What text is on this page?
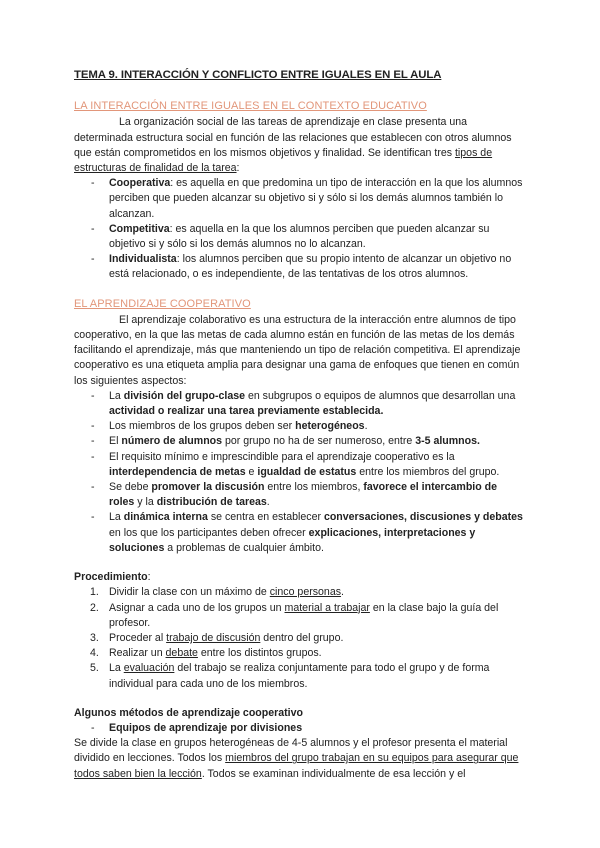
TEMA 9. INTERACCIÓN Y CONFLICTO ENTRE IGUALES EN EL AULA
LA INTERACCIÓN ENTRE IGUALES EN EL CONTEXTO EDUCATIVO

La organización social de las tareas de aprendizaje en clase presenta una determinada estructura social en función de las relaciones que establecen con otros alumnos que están comprometidos en los mismos objetivos y finalidad. Se identifican tres tipos de estructuras de finalidad de la tarea:

- Cooperativa: es aquella en que predomina un tipo de interacción en la que los alumnos perciben que pueden alcanzar su objetivo si y sólo si los demás alumnos también lo alcanzan.
- Competitiva: es aquella en la que los alumnos perciben que pueden alcanzar su objetivo si y sólo si los demás alumnos no lo alcanzan.
- Individualista: los alumnos perciben que su propio intento de alcanzar un objetivo no está relacionado, o es independiente, de las tentativas de los otros alumnos.
EL APRENDIZAJE COOPERATIVO

El aprendizaje colaborativo es una estructura de la interacción entre alumnos de tipo cooperativo, en la que las metas de cada alumno están en función de las metas de los demás facilitando el aprendizaje, más que manteniendo un tipo de relación competitiva. El aprendizaje cooperativo es una etiqueta amplia para designar una gama de enfoques que tienen en común los siguientes aspectos:

- La división del grupo-clase en subgrupos o equipos de alumnos que desarrollan una actividad o realizar una tarea previamente establecida.
- Los miembros de los grupos deben ser heterogéneos.
- El número de alumnos por grupo no ha de ser numeroso, entre 3-5 alumnos.
- El requisito mínimo e imprescindible para el aprendizaje cooperativo es la interdependencia de metas e igualdad de estatus entre los miembros del grupo.
- Se debe promover la discusión entre los miembros, favorece el intercambio de roles y la distribución de tareas.
- La dinámica interna se centra en establecer conversaciones, discusiones y debates en los que los participantes deben ofrecer explicaciones, interpretaciones y soluciones a problemas de cualquier ámbito.

Procedimiento:

1. Dividir la clase con un máximo de cinco personas.
2. Asignar a cada uno de los grupos un material a trabajar en la clase bajo la guía del profesor.
3. Proceder al trabajo de discusión dentro del grupo.
4. Realizar un debate entre los distintos grupos.
5. La evaluación del trabajo se realiza conjuntamente para todo el grupo y de forma individual para cada uno de los miembros.

Algunos métodos de aprendizaje cooperativo

- Equipos de aprendizaje por divisiones

Se divide la clase en grupos heterogéneas de 4-5 alumnos y el profesor presenta el material dividido en lecciones. Todos los miembros del grupo trabajan en su equipos para asegurar que todos saben bien la lección. Todos se examinan individualmente de esa lección y el
